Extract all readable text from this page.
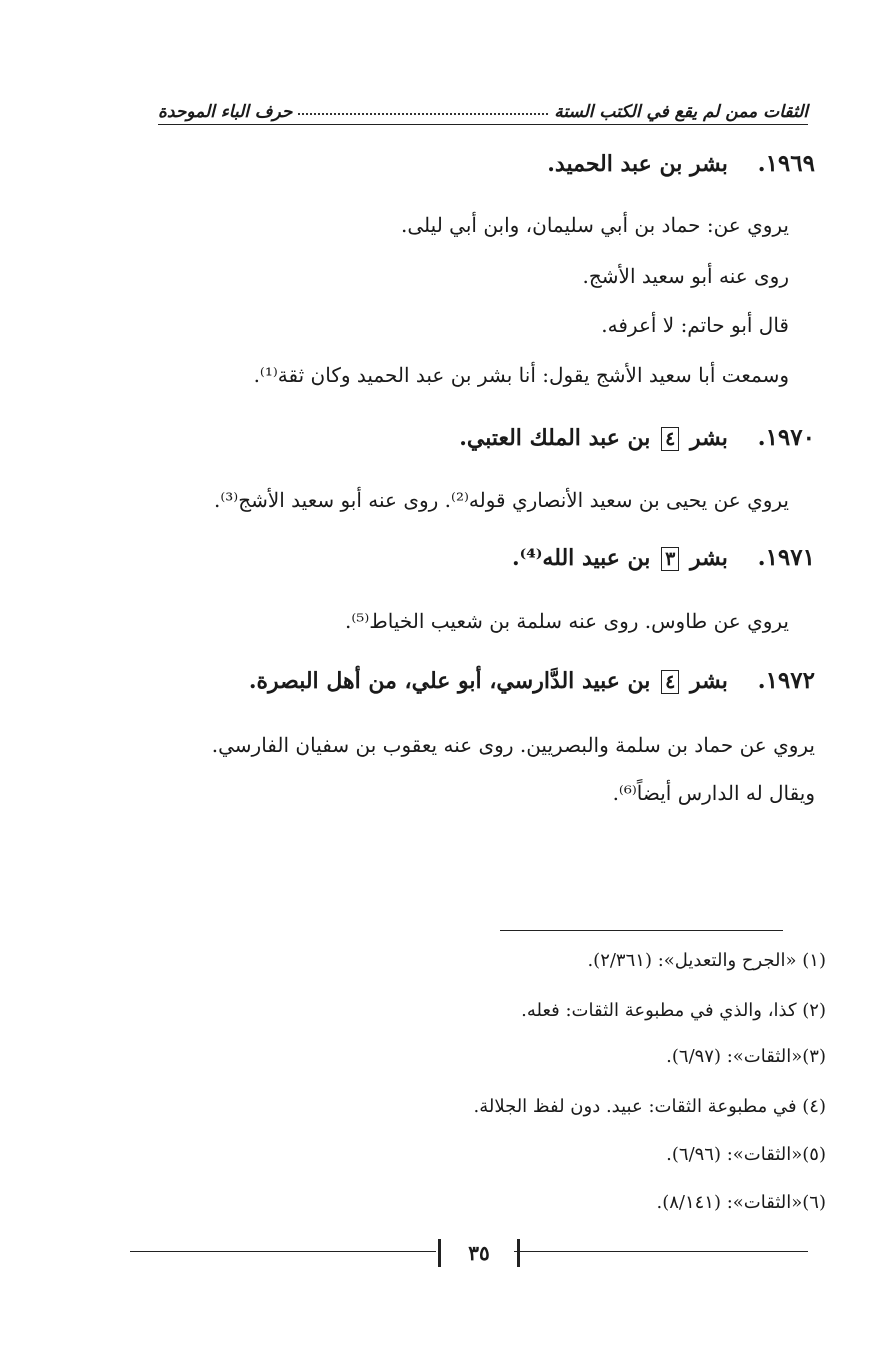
حرف الباء الموحدة	الثقات ممن لم يقع في الكتب الستة
١٩٦٩. بشر بن عبد الحميد.
يروي عن: حماد بن أبي سليمان، وابن أبي ليلى.
روى عنه أبو سعيد الأشج.
قال أبو حاتم: لا أعرفه.
وسمعت أبا سعيد الأشج يقول: أنا بشر بن عبد الحميد وكان ثقة⁽¹⁾.
١٩٧٠. بشر ٤ بن عبد الملك العتبي.
يروي عن يحيى بن سعيد الأنصاري قوله⁽²⁾. روى عنه أبو سعيد الأشج⁽³⁾.
١٩٧١. بشر ٣ بن عبيد الله⁽⁴⁾.
يروي عن طاوس. روى عنه سلمة بن شعيب الخياط⁽⁵⁾.
١٩٧٢. بشر ٤ بن عبيد الدَّارسي، أبو علي، من أهل البصرة.
يروي عن حماد بن سلمة والبصريين. روى عنه يعقوب بن سفيان الفارسي.
ويقال له الدارس أيضاً⁽⁶⁾.
(١) «الجرح والتعديل»: (٢/٣٦١).
(٢) كذا، والذي في مطبوعة الثقات: فعله.
(٣)«الثقات»: (٦/٩٧).
(٤) في مطبوعة الثقات: عبيد. دون لفظ الجلالة.
(٥)«الثقات»: (٦/٩٦).
(٦)«الثقات»: (٨/١٤١).
٣٥
